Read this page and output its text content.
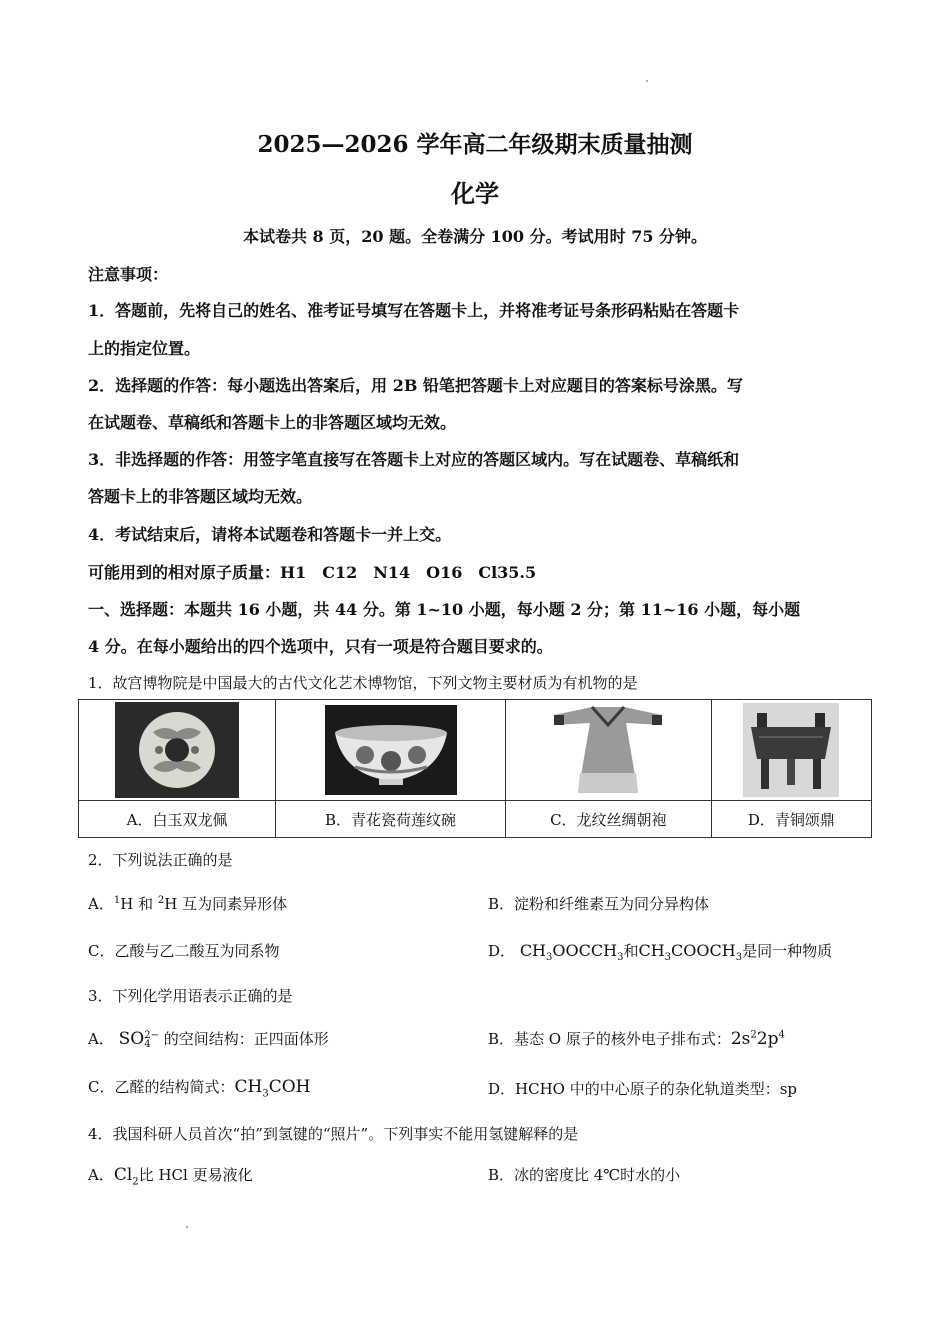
2025—2026 学年高二年级期末质量抽测
化学
本试卷共 8 页，20 题。全卷满分 100 分。考试用时 75 分钟。
注意事项：
1．答题前，先将自己的姓名、准考证号填写在答题卡上，并将准考证号条形码粘贴在答题卡
上的指定位置。
2．选择题的作答：每小题选出答案后，用 2B 铅笔把答题卡上对应题目的答案标号涂黑。写
在试题卷、草稿纸和答题卡上的非答题区域均无效。
3．非选择题的作答：用签字笔直接写在答题卡上对应的答题区域内。写在试题卷、草稿纸和
答题卡上的非答题区域均无效。
4．考试结束后，请将本试题卷和答题卡一并上交。
可能用到的相对原子质量：H1　C12　N14　O16　Cl35.5
一、选择题：本题共 16 小题，共 44 分。第 1~10 小题，每小题 2 分；第 11~16 小题，每小题
4 分。在每小题给出的四个选项中，只有一项是符合题目要求的。
1．故宫博物院是中国最大的古代文化艺术博物馆，下列文物主要材质为有机物的是

A．白玉双龙佩	B．青花瓷荷莲纹碗	C．龙纹丝绸朝袍	D．青铜颂鼎
2．下列说法正确的是
A．$^1$H 和 $^2$H 互为同素异形体	B．淀粉和纤维素互为同分异构体
C．乙酸与乙二酸互为同系物	D． $CH_3OOCCH_3$和$CH_3COOCH_3$是同一种物质
3．下列化学用语表示正确的是
A． SO 2−
4 的空间结构：正四面体形	B．基态 O 原子的核外电子排布式：$2s^22p^4$
C．乙醛的结构简式：$CH_3COH$	D．HCHO 中的中心原子的杂化轨道类型：sp
4．我国科研人员首次“拍”到氢键的“照片”。下列事实不能用氢键解释的是
A．$Cl_2$比 HCl 更易液化	B．冰的密度比 4℃时水的小
